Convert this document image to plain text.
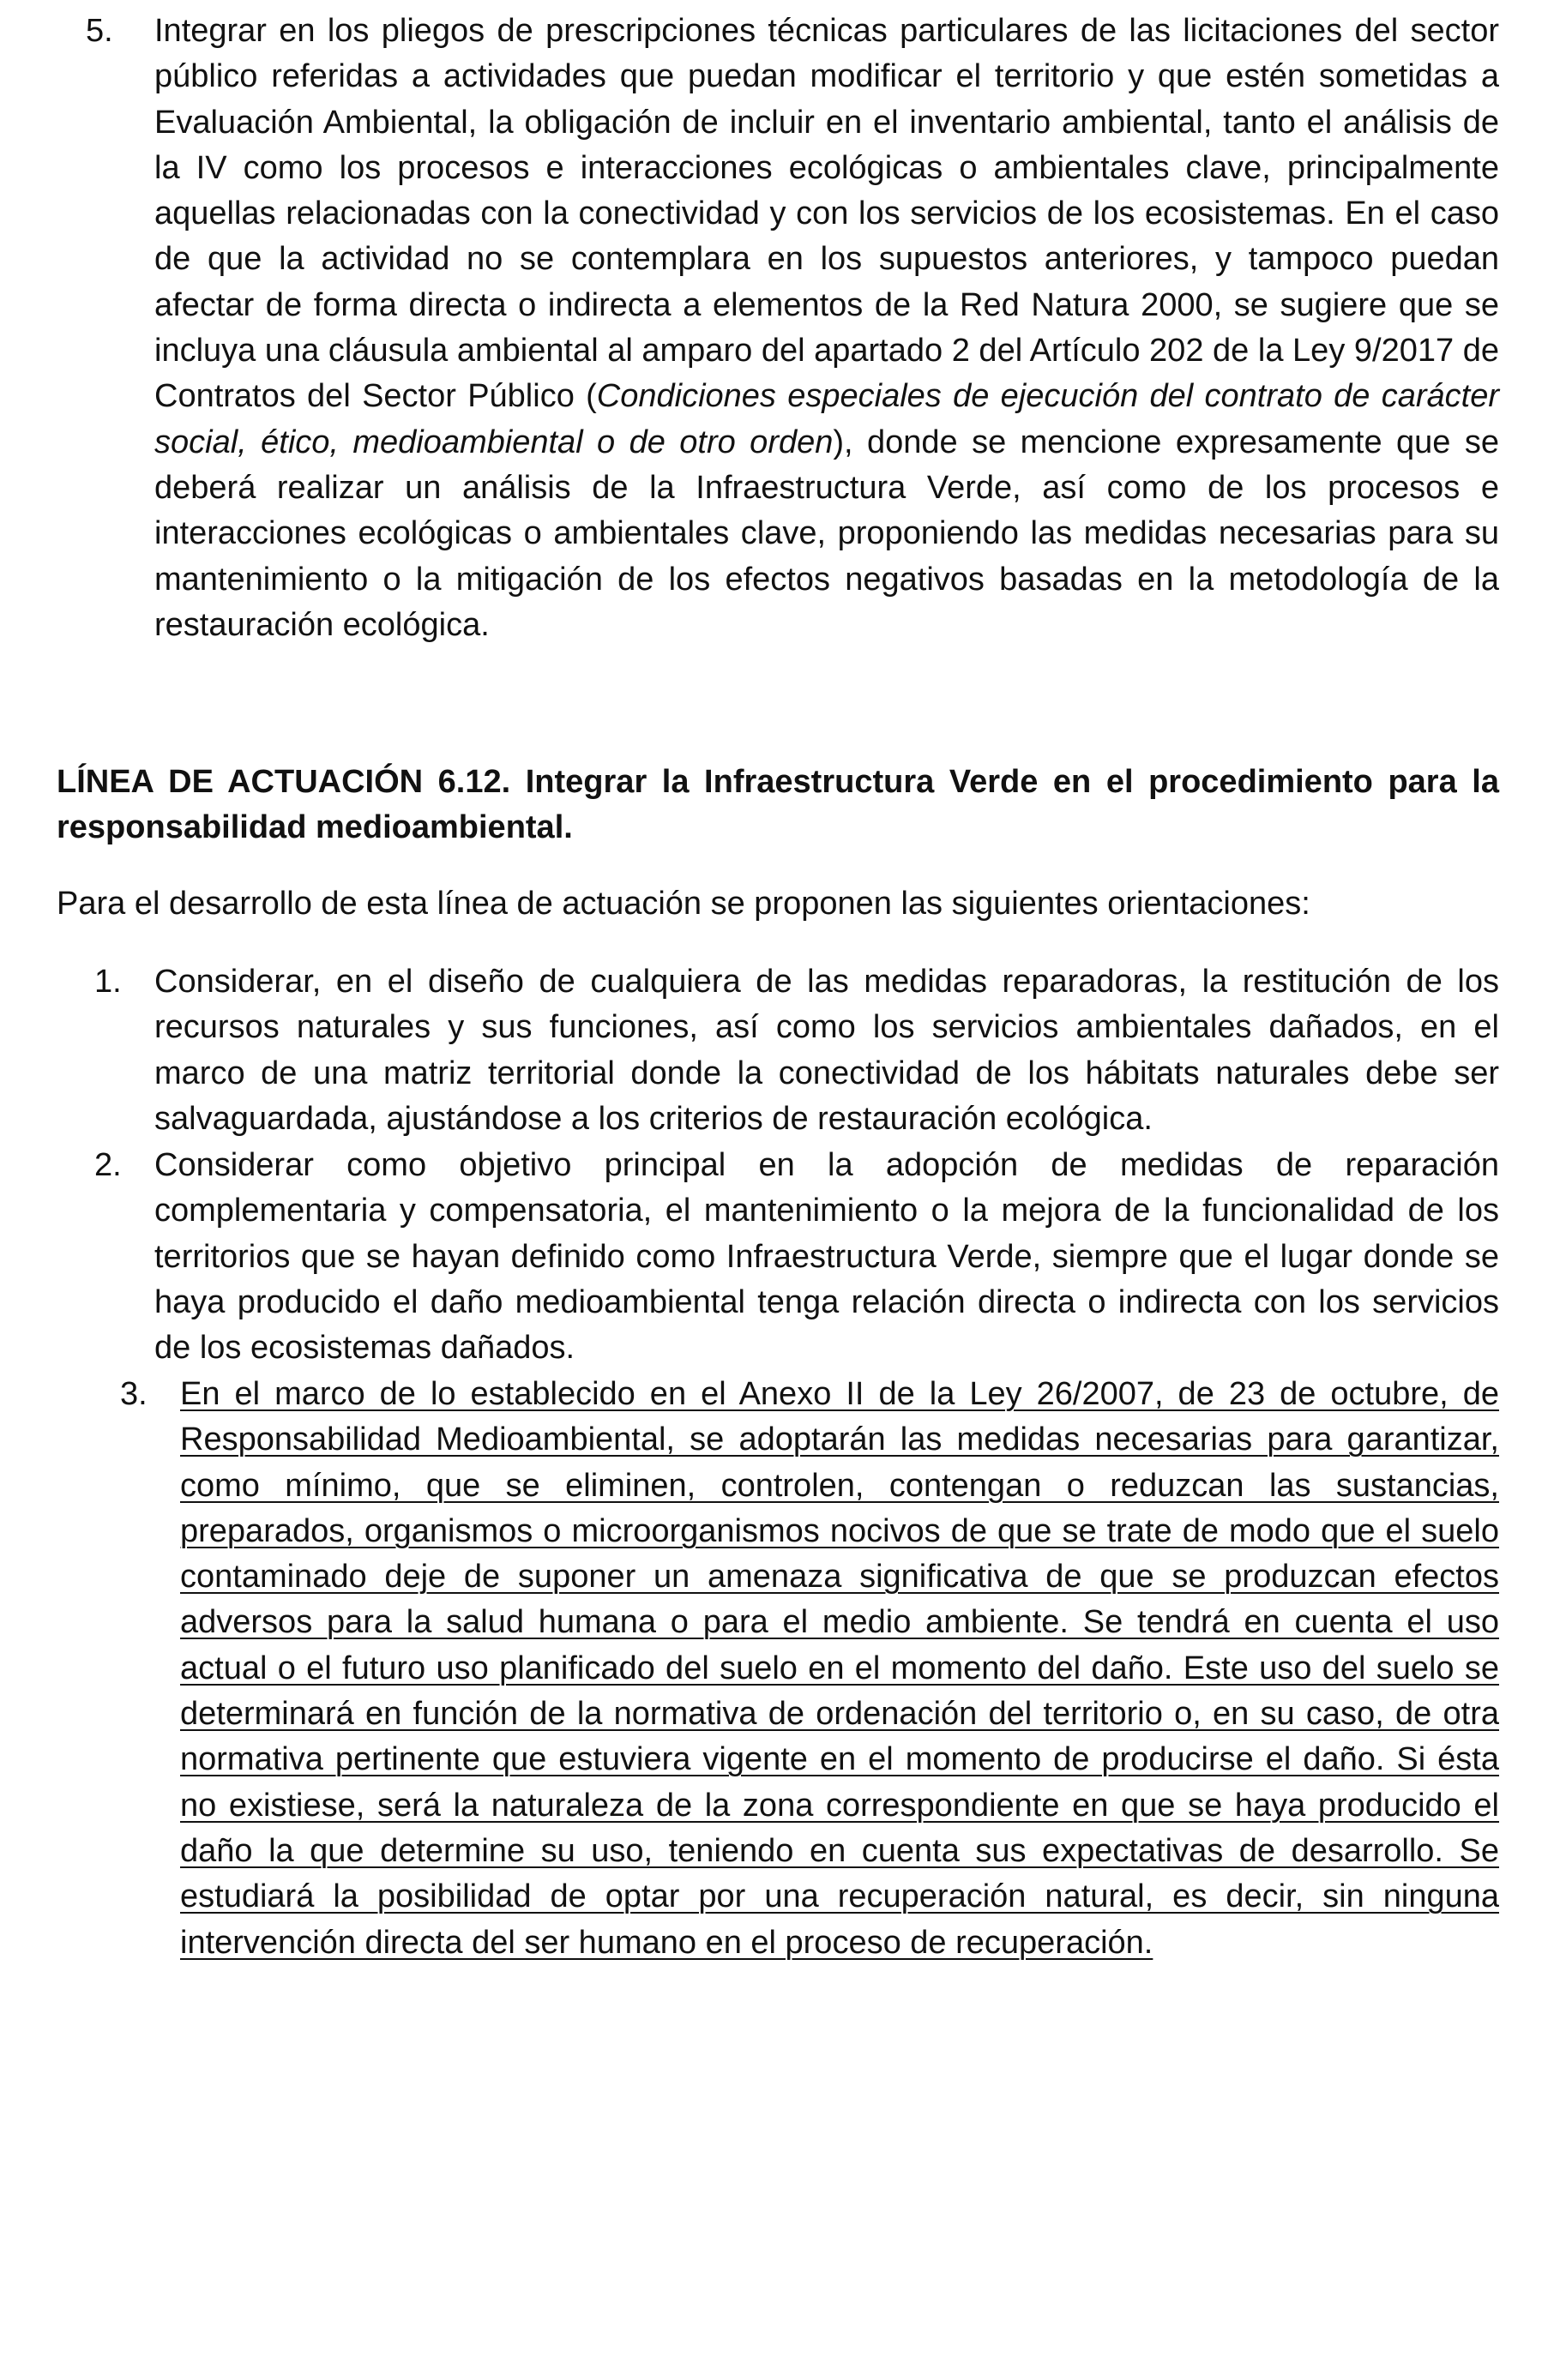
5. Integrar en los pliegos de prescripciones técnicas particulares de las licitaciones del sector público referidas a actividades que puedan modificar el territorio y que estén sometidas a Evaluación Ambiental, la obligación de incluir en el inventario ambiental, tanto el análisis de la IV como los procesos e interacciones ecológicas o ambientales clave, principalmente aquellas relacionadas con la conectividad y con los servicios de los ecosistemas. En el caso de que la actividad no se contemplara en los supuestos anteriores, y tampoco puedan afectar de forma directa o indirecta a elementos de la Red Natura 2000, se sugiere que se incluya una cláusula ambiental al amparo del apartado 2 del Artículo 202 de la Ley 9/2017 de Contratos del Sector Público (Condiciones especiales de ejecución del contrato de carácter social, ético, medioambiental o de otro orden), donde se mencione expresamente que se deberá realizar un análisis de la Infraestructura Verde, así como de los procesos e interacciones ecológicas o ambientales clave, proponiendo las medidas necesarias para su mantenimiento o la mitigación de los efectos negativos basadas en la metodología de la restauración ecológica.
LÍNEA DE ACTUACIÓN 6.12. Integrar la Infraestructura Verde en el procedimiento para la responsabilidad medioambiental.
Para el desarrollo de esta línea de actuación se proponen las siguientes orientaciones:
1. Considerar, en el diseño de cualquiera de las medidas reparadoras, la restitución de los recursos naturales y sus funciones, así como los servicios ambientales dañados, en el marco de una matriz territorial donde la conectividad de los hábitats naturales debe ser salvaguardada, ajustándose a los criterios de restauración ecológica.
2. Considerar como objetivo principal en la adopción de medidas de reparación complementaria y compensatoria, el mantenimiento o la mejora de la funcionalidad de los territorios que se hayan definido como Infraestructura Verde, siempre que el lugar donde se haya producido el daño medioambiental tenga relación directa o indirecta con los servicios de los ecosistemas dañados.
3. En el marco de lo establecido en el Anexo II de la Ley 26/2007, de 23 de octubre, de Responsabilidad Medioambiental, se adoptarán las medidas necesarias para garantizar, como mínimo, que se eliminen, controlen, contengan o reduzcan las sustancias, preparados, organismos o microorganismos nocivos de que se trate de modo que el suelo contaminado deje de suponer un amenaza significativa de que se produzcan efectos adversos para la salud humana o para el medio ambiente. Se tendrá en cuenta el uso actual o el futuro uso planificado del suelo en el momento del daño. Este uso del suelo se determinará en función de la normativa de ordenación del territorio o, en su caso, de otra normativa pertinente que estuviera vigente en el momento de producirse el daño. Si ésta no existiese, será la naturaleza de la zona correspondiente en que se haya producido el daño la que determine su uso, teniendo en cuenta sus expectativas de desarrollo. Se estudiará la posibilidad de optar por una recuperación natural, es decir, sin ninguna intervención directa del ser humano en el proceso de recuperación.
